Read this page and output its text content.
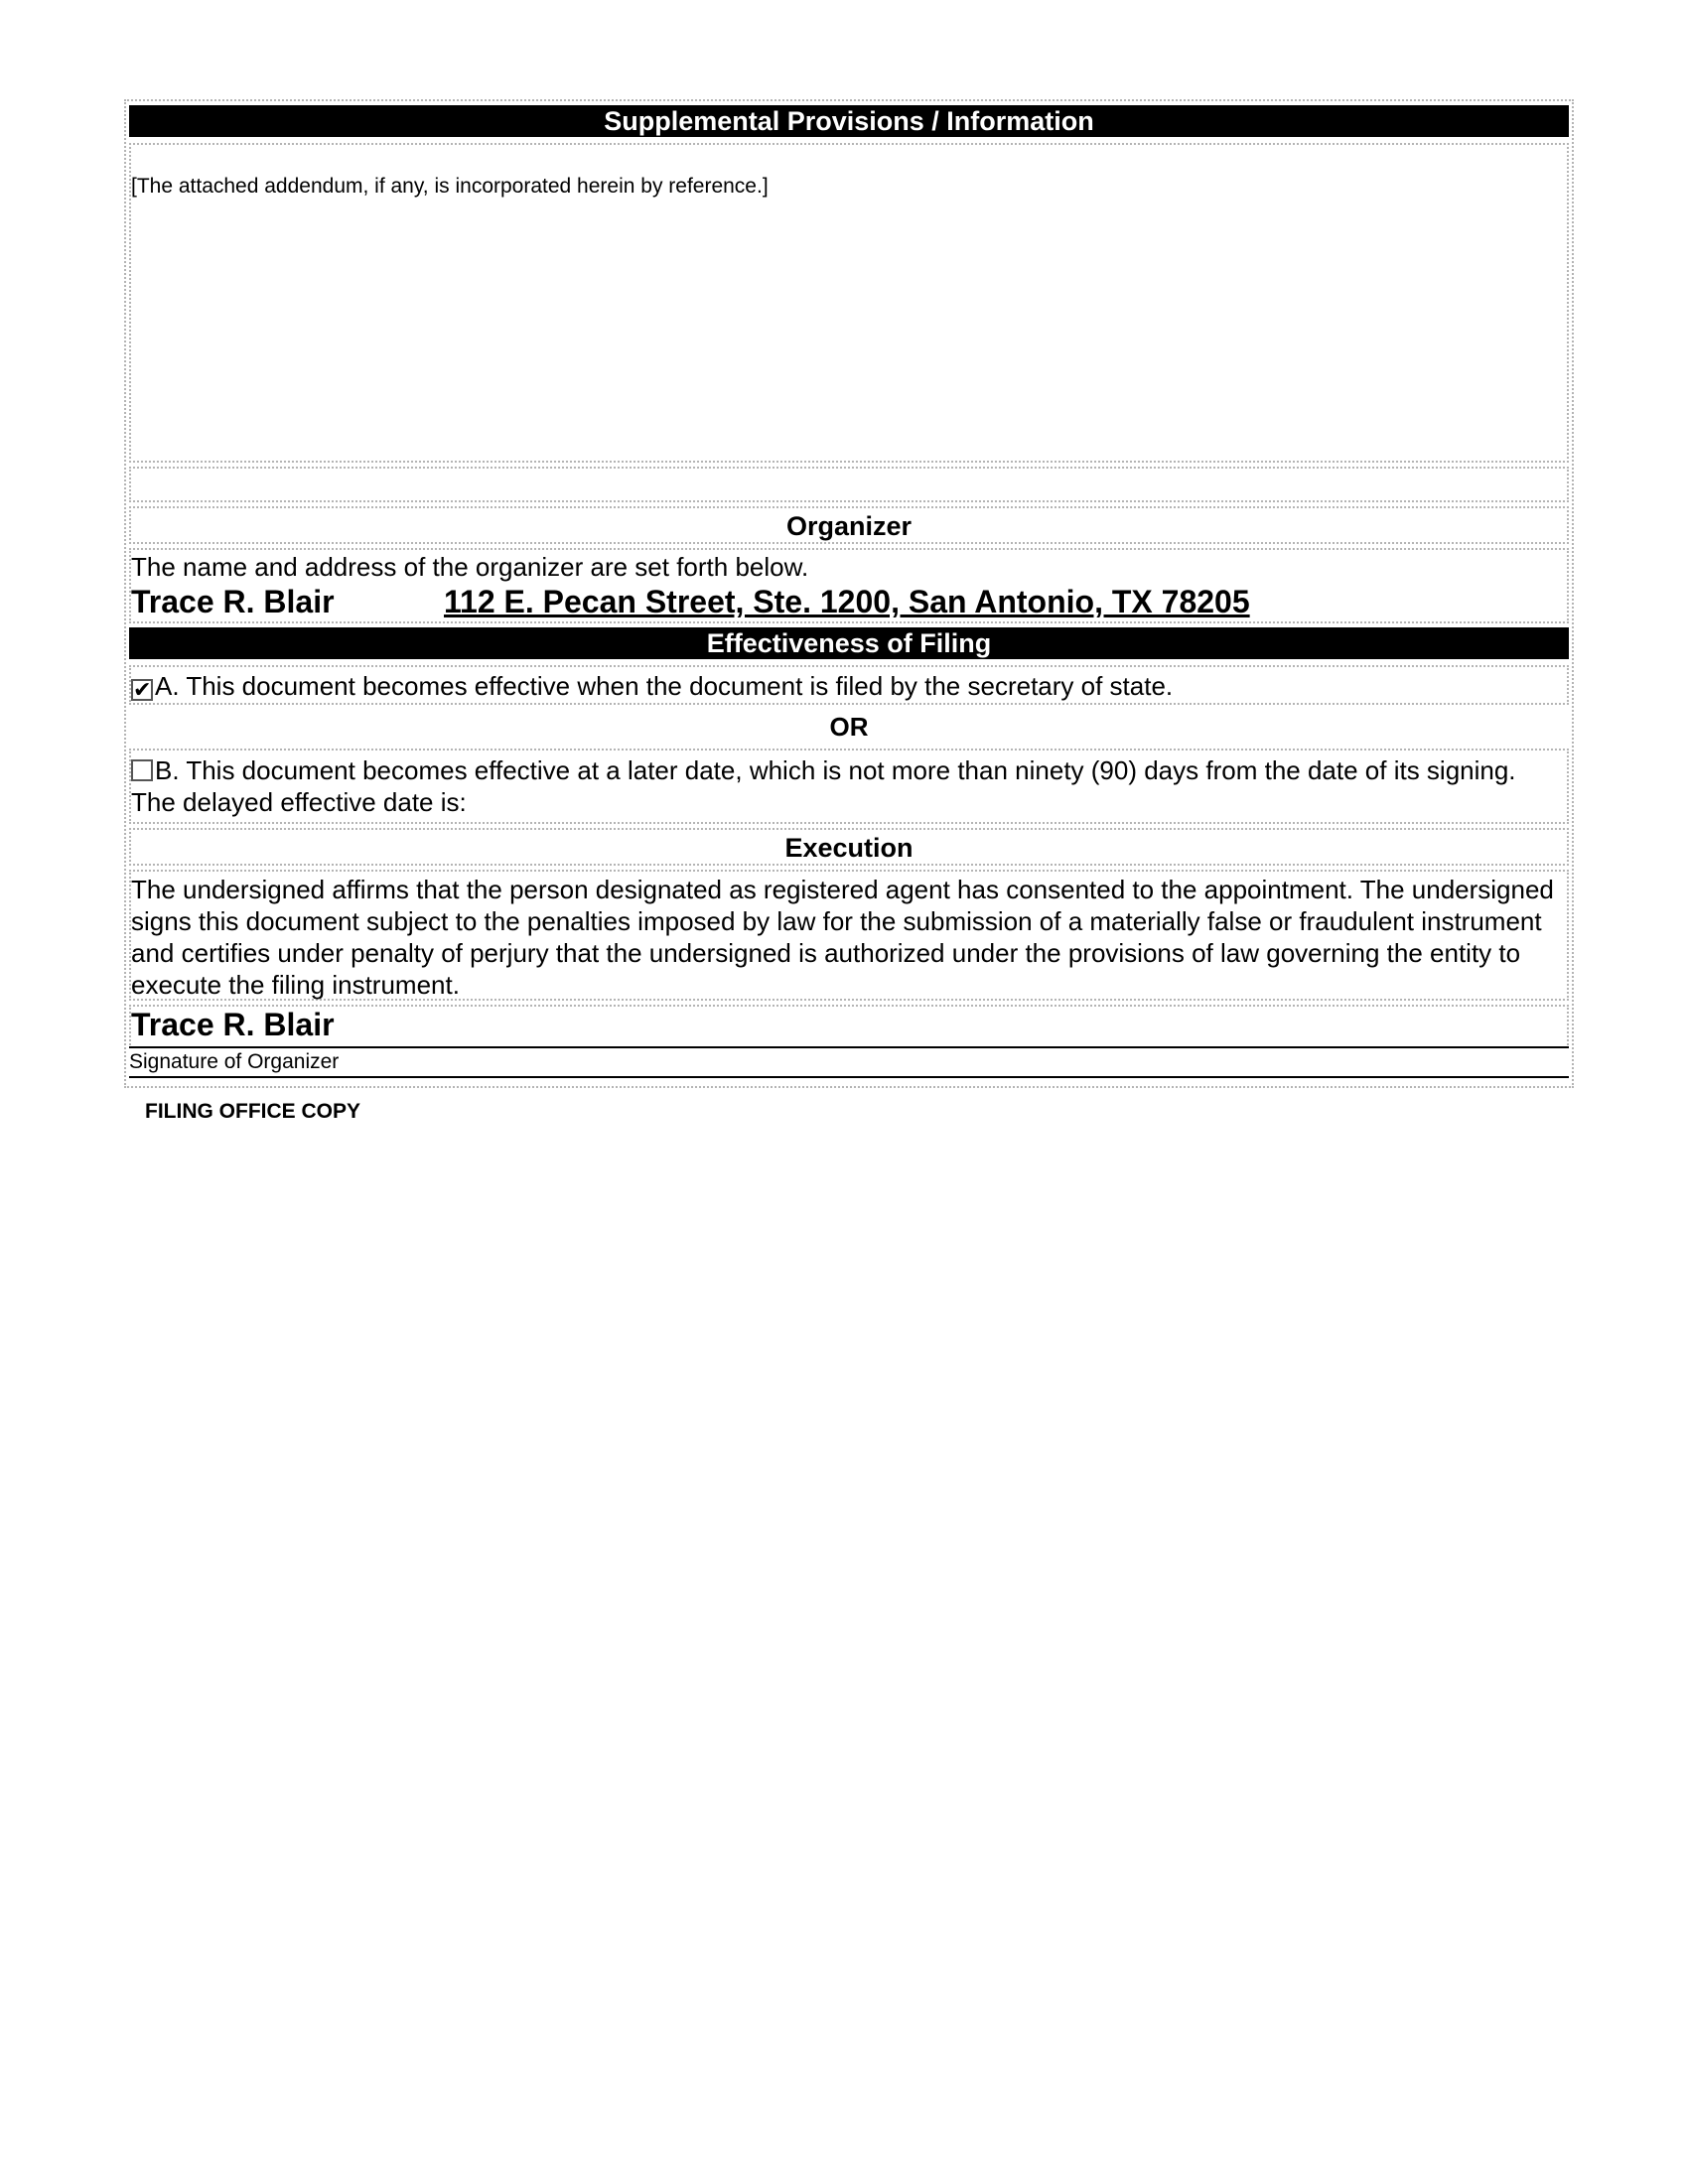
Supplemental Provisions / Information
[The attached addendum, if any, is incorporated herein by reference.]
Organizer
The name and address of the organizer are set forth below.
Trace R. Blair	112 E. Pecan Street, Ste. 1200, San Antonio, TX 78205
Effectiveness of Filing
✔ A. This document becomes effective when the document is filed by the secretary of state.
OR
B. This document becomes effective at a later date, which is not more than ninety (90) days from the date of its signing. The delayed effective date is:
Execution
The undersigned affirms that the person designated as registered agent has consented to the appointment. The undersigned signs this document subject to the penalties imposed by law for the submission of a materially false or fraudulent instrument and certifies under penalty of perjury that the undersigned is authorized under the provisions of law governing the entity to execute the filing instrument.
Trace R. Blair
Signature of Organizer
FILING OFFICE COPY
